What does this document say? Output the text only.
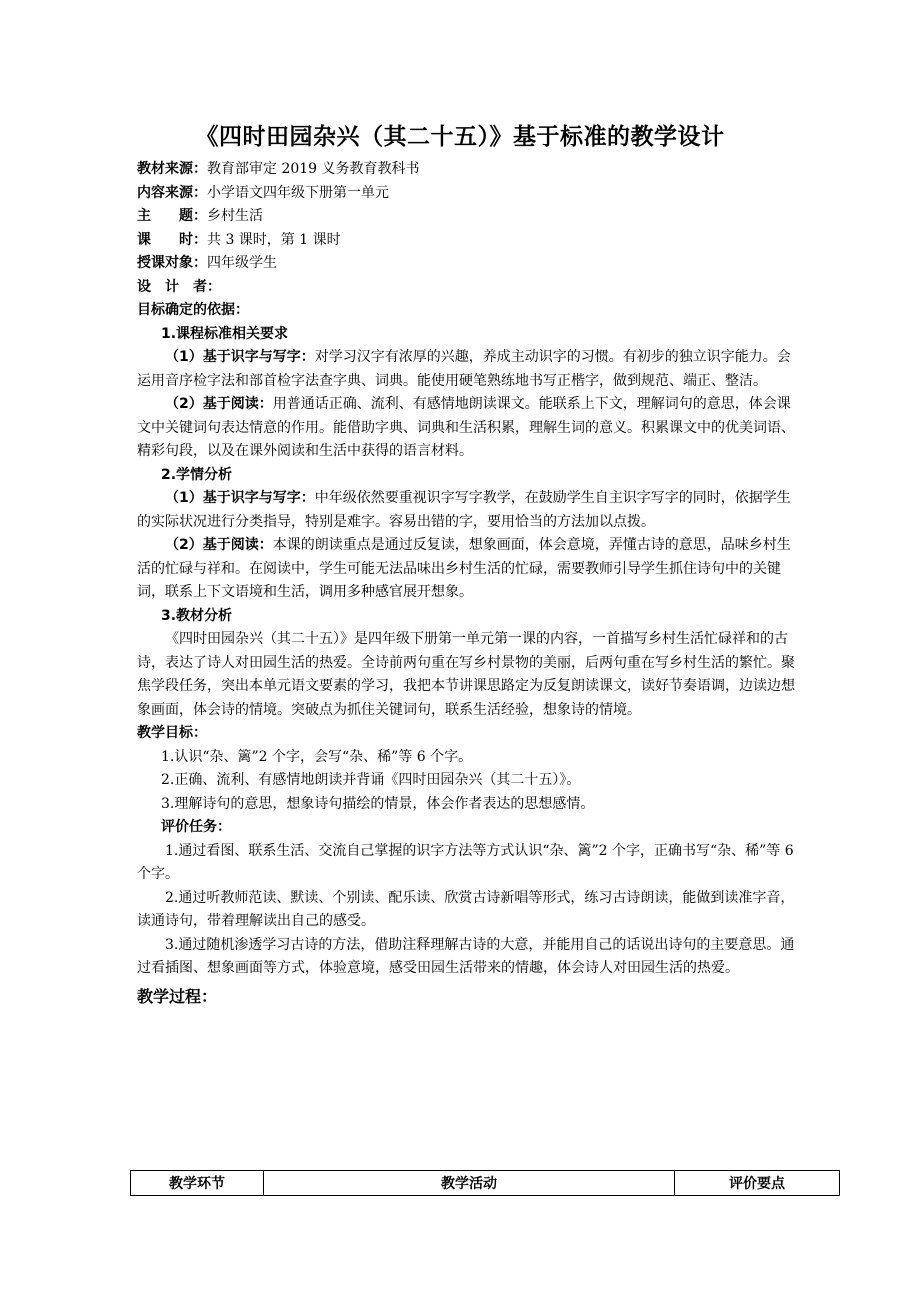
《四时田园杂兴（其二十五）》基于标准的教学设计
教材来源：教育部审定 2019 义务教育教科书
内容来源：小学语文四年级下册第一单元
主　　题：乡村生活
课　　时：共 3 课时，第 1 课时
授课对象：四年级学生
设　计　者：
目标确定的依据：
1.课程标准相关要求

（1）基于识字与写字：对学习汉字有浓厚的兴趣，养成主动识字的习惯。有初步的独立识字能力。会运用音序检字法和部首检字法查字典、词典。能使用硬笔熟练地书写正楷字，做到规范、端正、整洁。

（2）基于阅读：用普通话正确、流利、有感情地朗读课文。能联系上下文，理解词句的意思，体会课文中关键词句表达情意的作用。能借助字典、词典和生活积累，理解生词的意义。积累课文中的优美词语、精彩句段，以及在课外阅读和生活中获得的语言材料。

2.学情分析

（1）基于识字与写字：中年级依然要重视识字写字教学，在鼓励学生自主识字写字的同时，依据学生的实际状况进行分类指导，特别是难字。容易出错的字，要用恰当的方法加以点拨。

（2）基于阅读：本课的朗读重点是通过反复读，想象画面，体会意境，弄懂古诗的意思，品味乡村生活的忙碌与祥和。在阅读中，学生可能无法品味出乡村生活的忙碌，需要教师引导学生抓住诗句中的关键词，联系上下文语境和生活，调用多种感官展开想象。

3.教材分析

《四时田园杂兴（其二十五）》是四年级下册第一单元第一课的内容，一首描写乡村生活忙碌祥和的古诗，表达了诗人对田园生活的热爱。全诗前两句重在写乡村景物的美丽，后两句重在写乡村生活的繁忙。聚焦学段任务，突出本单元语文要素的学习，我把本节讲课思路定为反复朗读课文，读好节奏语调，边读边想象画面，体会诗的情境。突破点为抓住关键词句，联系生活经验，想象诗的情境。

教学目标：
1.认识“杂、篱”2 个字，会写“杂、稀”等 6 个字。
2.正确、流利、有感情地朗读并背诵《四时田园杂兴（其二十五）》。
3.理解诗句的意思，想象诗句描绘的情景，体会作者表达的思想感情。
评价任务：

1.通过看图、联系生活、交流自己掌握的识字方法等方式认识“杂、篱”2 个字，正确书写“杂、稀”等 6 个字。

2.通过听教师范读、默读、个别读、配乐读、欣赏古诗新唱等形式，练习古诗朗读，能做到读准字音，读通诗句，带着理解读出自己的感受。

3.通过随机渗透学习古诗的方法，借助注释理解古诗的大意，并能用自己的话说出诗句的主要意思。通过看插图、想象画面等方式，体验意境，感受田园生活带来的情趣，体会诗人对田园生活的热爱。

教学过程：
教学环节	教学活动	评价要点
